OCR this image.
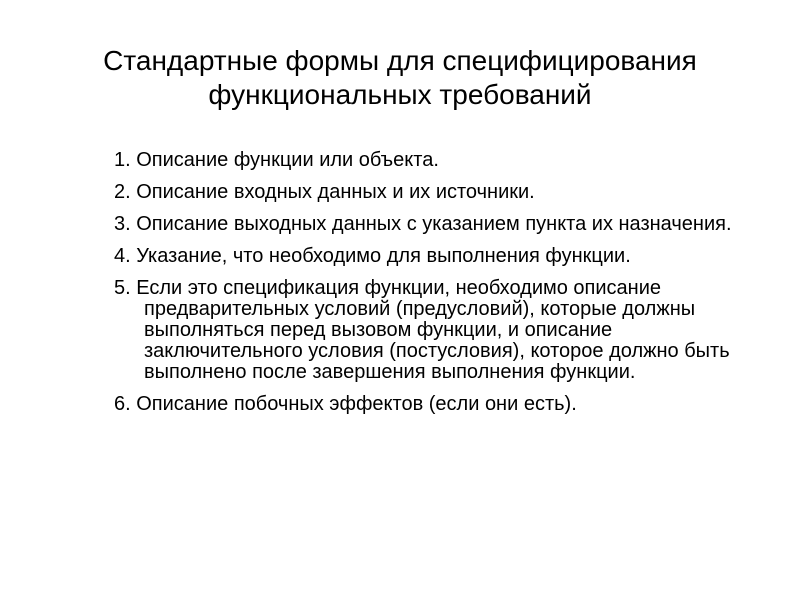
Стандартные формы для специфицирования
функциональных требований
1. Описание функции или объекта.
2. Описание входных данных и их источники.
3. Описание выходных данных с указанием пункта их назначения.
4. Указание, что необходимо для выполнения функции.
5. Если это спецификация функции, необходимо описание предварительных условий (предусловий), которые должны выполняться перед вызовом функции, и описание заключительного условия (постусловия), которое должно быть выполнено после завершения выполнения функции.
6. Описание побочных эффектов (если они есть).
